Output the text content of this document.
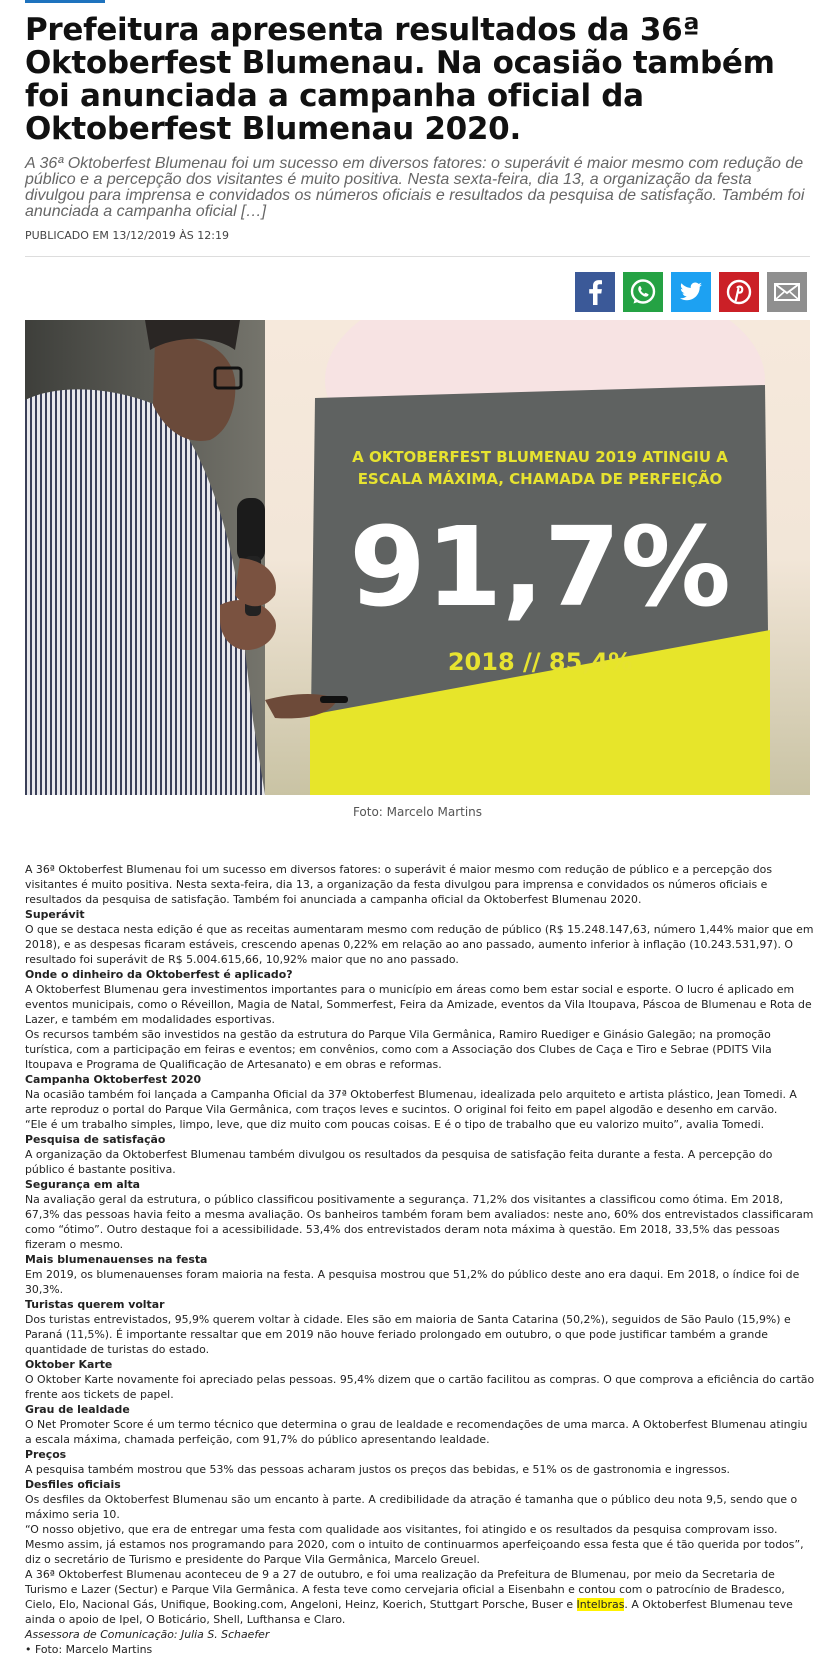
Prefeitura apresenta resultados da 36ª Oktoberfest Blumenau. Na ocasião também foi anunciada a campanha oficial da Oktoberfest Blumenau 2020.

A 36ª Oktoberfest Blumenau foi um sucesso em diversos fatores: o superávit é maior mesmo com redução de público e a percepção dos visitantes é muito positiva. Nesta sexta-feira, dia 13, a organização da festa divulgou para imprensa e convidados os números oficiais e resultados da pesquisa de satisfação. Também foi anunciada a campanha oficial […]

PUBLICADO EM 13/12/2019 ÀS 12:19
A OKTOBERFEST BLUMENAU 2019 ATINGIU A
ESCALA MÁXIMA, CHAMADA DE PERFEIÇÃO
91,7%
2018 // 85,4%
Foto: Marcelo Martins

A 36ª Oktoberfest Blumenau foi um sucesso em diversos fatores: o superávit é maior mesmo com redução de público e a percepção dos visitantes é muito positiva. Nesta sexta-feira, dia 13, a organização da festa divulgou para imprensa e convidados os números oficiais e resultados da pesquisa de satisfação. Também foi anunciada a campanha oficial da Oktoberfest Blumenau 2020.

Superávit

O que se destaca nesta edição é que as receitas aumentaram mesmo com redução de público (R$ 15.248.147,63, número 1,44% maior que em 2018), e as despesas ficaram estáveis, crescendo apenas 0,22% em relação ao ano passado, aumento inferior à inflação (10.243.531,97). O resultado foi superávit de R$ 5.004.615,66, 10,92% maior que no ano passado.

Onde o dinheiro da Oktoberfest é aplicado?

A Oktoberfest Blumenau gera investimentos importantes para o município em áreas como bem estar social e esporte. O lucro é aplicado em eventos municipais, como o Réveillon, Magia de Natal, Sommerfest, Feira da Amizade, eventos da Vila Itoupava, Páscoa de Blumenau e Rota de Lazer, e também em modalidades esportivas.

Os recursos também são investidos na gestão da estrutura do Parque Vila Germânica, Ramiro Ruediger e Ginásio Galegão; na promoção turística, com a participação em feiras e eventos; em convênios, como com a Associação dos Clubes de Caça e Tiro e Sebrae (PDITS Vila Itoupava e Programa de Qualificação de Artesanato) e em obras e reformas.

Campanha Oktoberfest 2020

Na ocasião também foi lançada a Campanha Oficial da 37ª Oktoberfest Blumenau, idealizada pelo arquiteto e artista plástico, Jean Tomedi. A arte reproduz o portal do Parque Vila Germânica, com traços leves e sucintos. O original foi feito em papel algodão e desenho em carvão.

“Ele é um trabalho simples, limpo, leve, que diz muito com poucas coisas. E é o tipo de trabalho que eu valorizo muito”, avalia Tomedi.

Pesquisa de satisfação

A organização da Oktoberfest Blumenau também divulgou os resultados da pesquisa de satisfação feita durante a festa. A percepção do público é bastante positiva.

Segurança em alta

Na avaliação geral da estrutura, o público classificou positivamente a segurança. 71,2% dos visitantes a classificou como ótima. Em 2018, 67,3% das pessoas havia feito a mesma avaliação. Os banheiros também foram bem avaliados: neste ano, 60% dos entrevistados classificaram como “ótimo”. Outro destaque foi a acessibilidade. 53,4% dos entrevistados deram nota máxima à questão. Em 2018, 33,5% das pessoas fizeram o mesmo.

Mais blumenauenses na festa

Em 2019, os blumenauenses foram maioria na festa. A pesquisa mostrou que 51,2% do público deste ano era daqui. Em 2018, o índice foi de 30,3%.

Turistas querem voltar

Dos turistas entrevistados, 95,9% querem voltar à cidade. Eles são em maioria de Santa Catarina (50,2%), seguidos de São Paulo (15,9%) e Paraná (11,5%). É importante ressaltar que em 2019 não houve feriado prolongado em outubro, o que pode justificar também a grande quantidade de turistas do estado.

Oktober Karte

O Oktober Karte novamente foi apreciado pelas pessoas. 95,4% dizem que o cartão facilitou as compras. O que comprova a eficiência do cartão frente aos tickets de papel.

Grau de lealdade

O Net Promoter Score é um termo técnico que determina o grau de lealdade e recomendações de uma marca. A Oktoberfest Blumenau atingiu a escala máxima, chamada perfeição, com 91,7% do público apresentando lealdade.

Preços

A pesquisa também mostrou que 53% das pessoas acharam justos os preços das bebidas, e 51% os de gastronomia e ingressos.

Desfiles oficiais

Os desfiles da Oktoberfest Blumenau são um encanto à parte. A credibilidade da atração é tamanha que o público deu nota 9,5, sendo que o máximo seria 10.

“O nosso objetivo, que era de entregar uma festa com qualidade aos visitantes, foi atingido e os resultados da pesquisa comprovam isso. Mesmo assim, já estamos nos programando para 2020, com o intuito de continuarmos aperfeiçoando essa festa que é tão querida por todos”, diz o secretário de Turismo e presidente do Parque Vila Germânica, Marcelo Greuel.

A 36ª Oktoberfest Blumenau aconteceu de 9 a 27 de outubro, e foi uma realização da Prefeitura de Blumenau, por meio da Secretaria de Turismo e Lazer (Sectur) e Parque Vila Germânica. A festa teve como cervejaria oficial a Eisenbahn e contou com o patrocínio de Bradesco, Cielo, Elo, Nacional Gás, Unifique, Booking.com, Angeloni, Heinz, Koerich, Stuttgart Porsche, Buser e Intelbras. A Oktoberfest Blumenau teve ainda o apoio de Ipel, O Boticário, Shell, Lufthansa e Claro.

Assessora de Comunicação: Julia S. Schaefer

• Foto: Marcelo Martins
